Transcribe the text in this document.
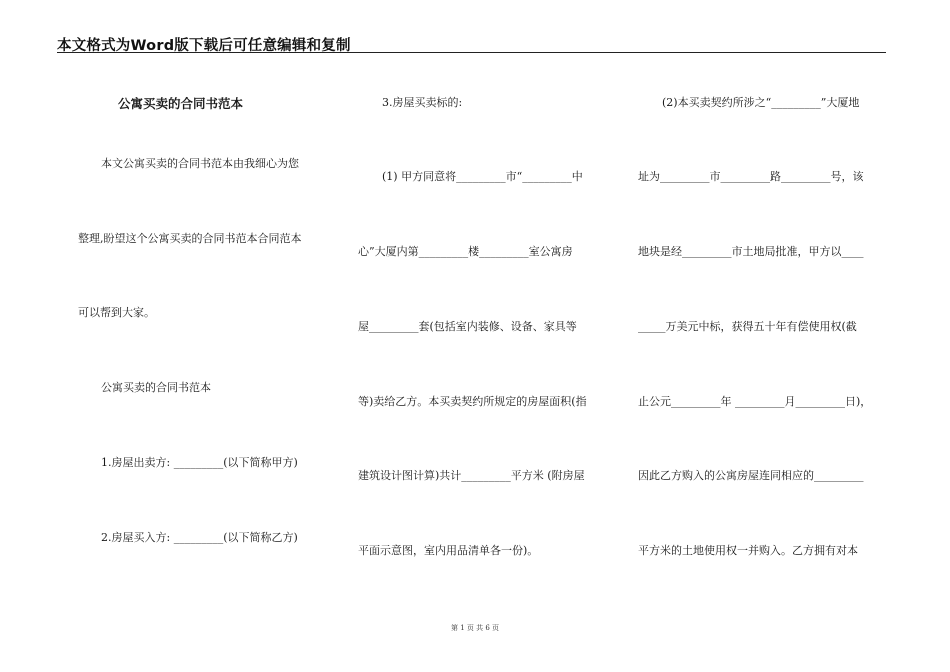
本文格式为Word版下载后可任意编辑和复制
公寓买卖的合同书范本
本文公寓买卖的合同书范本由我细心为您
整理,盼望这个公寓买卖的合同书范本合同范本
可以帮到大家。
公寓买卖的合同书范本
1.房屋出卖方: _________(以下简称甲方)
2.房屋买入方: _________(以下简称乙方)
3.房屋买卖标的:
(1) 甲方同意将_________市“_________中
心”大厦内第_________楼_________室公寓房
屋_________套(包括室内装修、设备、家具等
等)卖给乙方。本买卖契约所规定的房屋面积(指
建筑设计图计算)共计_________平方米 (附房屋
平面示意图，室内用品清单各一份)。
(2)本买卖契约所涉之“_________”大厦地
址为_________市_________路_________号，该
地块是经_________市土地局批准，甲方以____
_____万美元中标，获得五十年有偿使用权(截
止公元_________年 _________月_________日)，
因此乙方购入的公寓房屋连同相应的_________
平方米的土地使用权一并购入。乙方拥有对本
第 1 页 共 6 页
